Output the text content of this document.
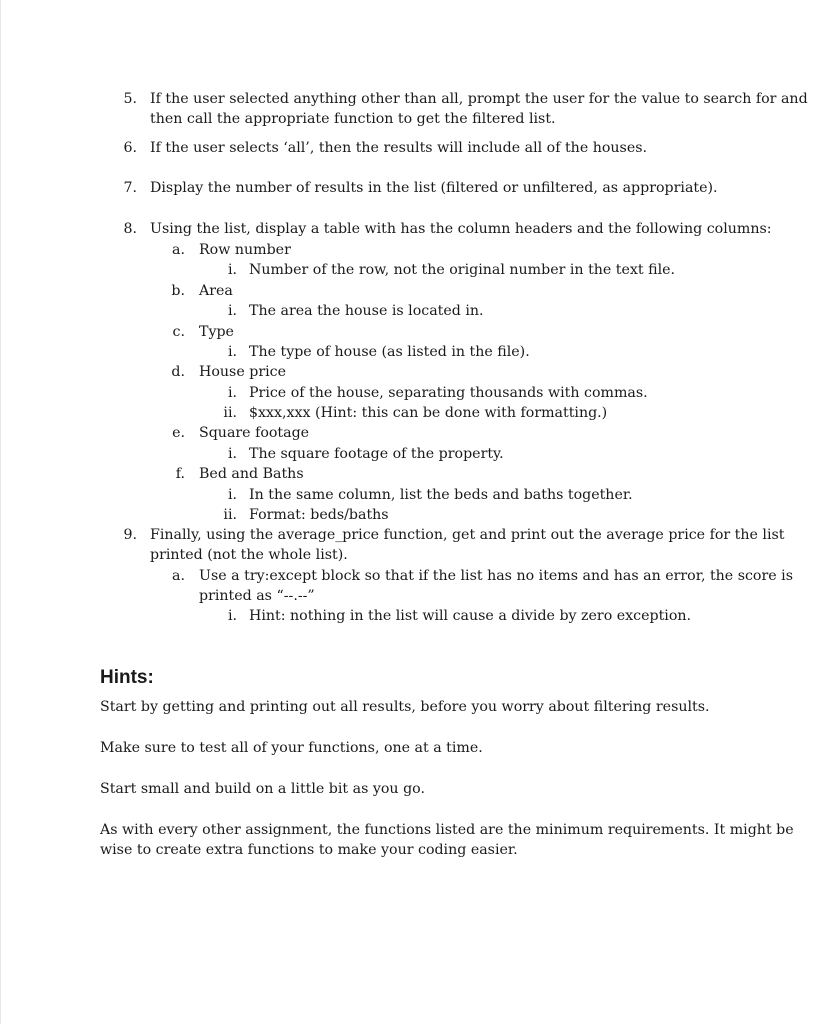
5. If the user selected anything other than all, prompt the user for the value to search for and
then call the appropriate function to get the filtered list.
6. If the user selects ‘all’, then the results will include all of the houses.
7. Display the number of results in the list (filtered or unfiltered, as appropriate).
8. Using the list, display a table with has the column headers and the following columns:
a. Row number
i. Number of the row, not the original number in the text file.
b. Area
i. The area the house is located in.
c. Type
i. The type of house (as listed in the file).
d. House price
i. Price of the house, separating thousands with commas.
ii. $xxx,xxx (Hint: this can be done with formatting.)
e. Square footage
i. The square footage of the property.
f. Bed and Baths
i. In the same column, list the beds and baths together.
ii. Format: beds/baths
9. Finally, using the average_price function, get and print out the average price for the list
printed (not the whole list).
a. Use a try:except block so that if the list has no items and has an error, the score is
printed as “--.--”
i. Hint: nothing in the list will cause a divide by zero exception.
Hints:
Start by getting and printing out all results, before you worry about filtering results.
Make sure to test all of your functions, one at a time.
Start small and build on a little bit as you go.
As with every other assignment, the functions listed are the minimum requirements. It might be
wise to create extra functions to make your coding easier.
